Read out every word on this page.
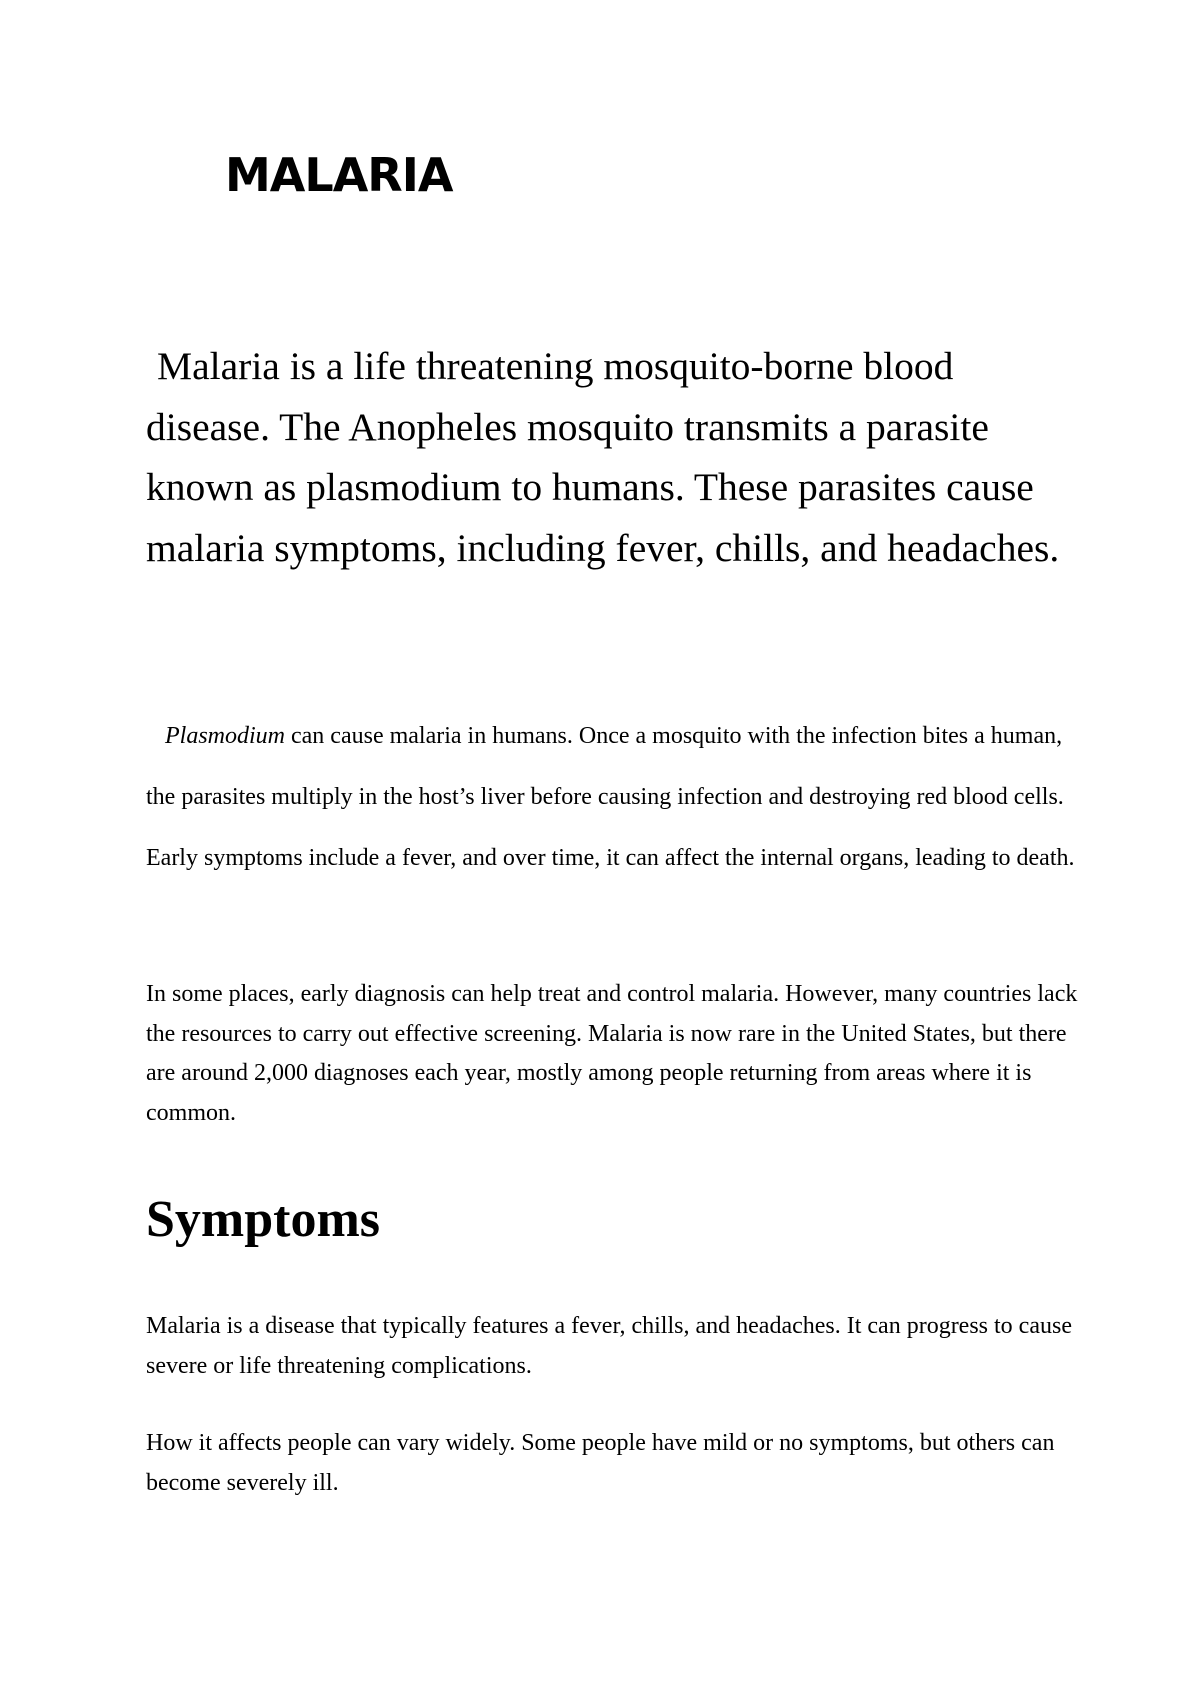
MALARIA

Malaria is a life threatening mosquito-borne blood disease. The Anopheles mosquito transmits a parasite known as plasmodium to humans. These parasites cause malaria symptoms, including fever, chills, and headaches.

Plasmodium can cause malaria in humans. Once a mosquito with the infection bites a human, the parasites multiply in the host’s liver before causing infection and destroying red blood cells. Early symptoms include a fever, and over time, it can affect the internal organs, leading to death.

In some places, early diagnosis can help treat and control malaria. However, many countries lack the resources to carry out effective screening. Malaria is now rare in the United States, but there are around 2,000 diagnoses each year, mostly among people returning from areas where it is common.

Symptoms

Malaria is a disease that typically features a fever, chills, and headaches. It can progress to cause severe or life threatening complications.

How it affects people can vary widely. Some people have mild or no symptoms, but others can become severely ill.
